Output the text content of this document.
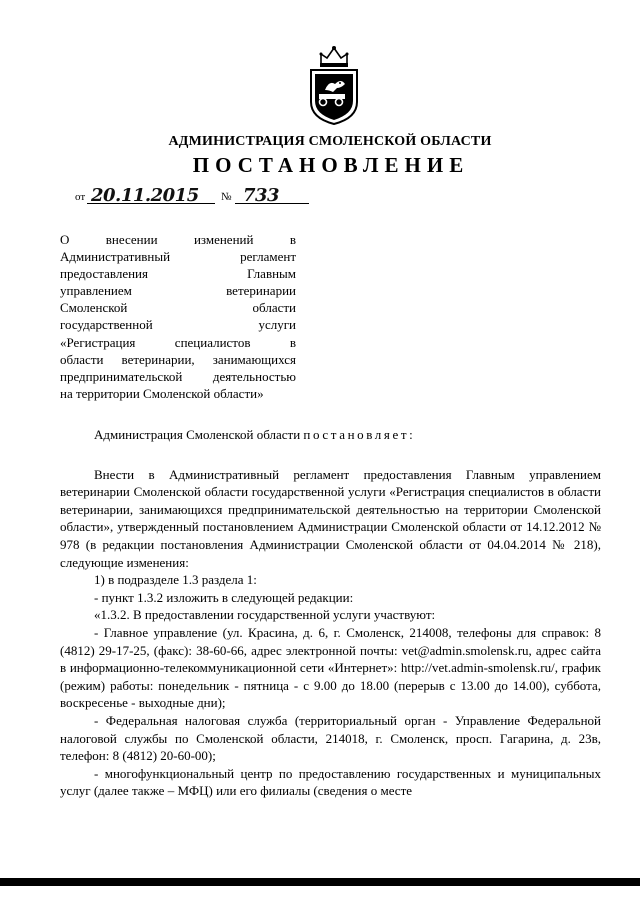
АДМИНИСТРАЦИЯ СМОЛЕНСКОЙ ОБЛАСТИ
ПОСТАНОВЛЕНИЕ
от 20.11.2015 № 733
О внесении изменений в
Административный регламент
предоставления Главным
управлением ветеринарии
Смоленской области
государственной услуги
«Регистрация специалистов в
области ветеринарии, занимающихся
предпринимательской деятельностью
на территории Смоленской области»

Администрация Смоленской области постановляет:

Внести в Административный регламент предоставления Главным управлением ветеринарии Смоленской области государственной услуги «Регистрация специалистов в области ветеринарии, занимающихся предпринимательской деятельностью на территории Смоленской области», утвержденный постановлением Администрации Смоленской области от 14.12.2012 № 978 (в редакции постановления Администрации Смоленской области от 04.04.2014 № 218), следующие изменения:

1) в подразделе 1.3 раздела 1:

- пункт 1.3.2 изложить в следующей редакции:

«1.3.2. В предоставлении государственной услуги участвуют:

- Главное управление (ул. Красина, д. 6, г. Смоленск, 214008, телефоны для справок: 8 (4812) 29-17-25, (факс): 38-60-66, адрес электронной почты: vet@admin.smolensk.ru, адрес сайта в информационно-телекоммуникационной сети «Интернет»: http://vet.admin-smolensk.ru/, график (режим) работы: понедельник - пятница - с 9.00 до 18.00 (перерыв с 13.00 до 14.00), суббота, воскресенье - выходные дни);

- Федеральная налоговая служба (территориальный орган - Управление Федеральной налоговой службы по Смоленской области, 214018, г. Смоленск, просп. Гагарина, д. 23в, телефон: 8 (4812) 20-60-00);

- многофункциональный центр по предоставлению государственных и муниципальных услуг (далее также – МФЦ) или его филиалы (сведения о месте
